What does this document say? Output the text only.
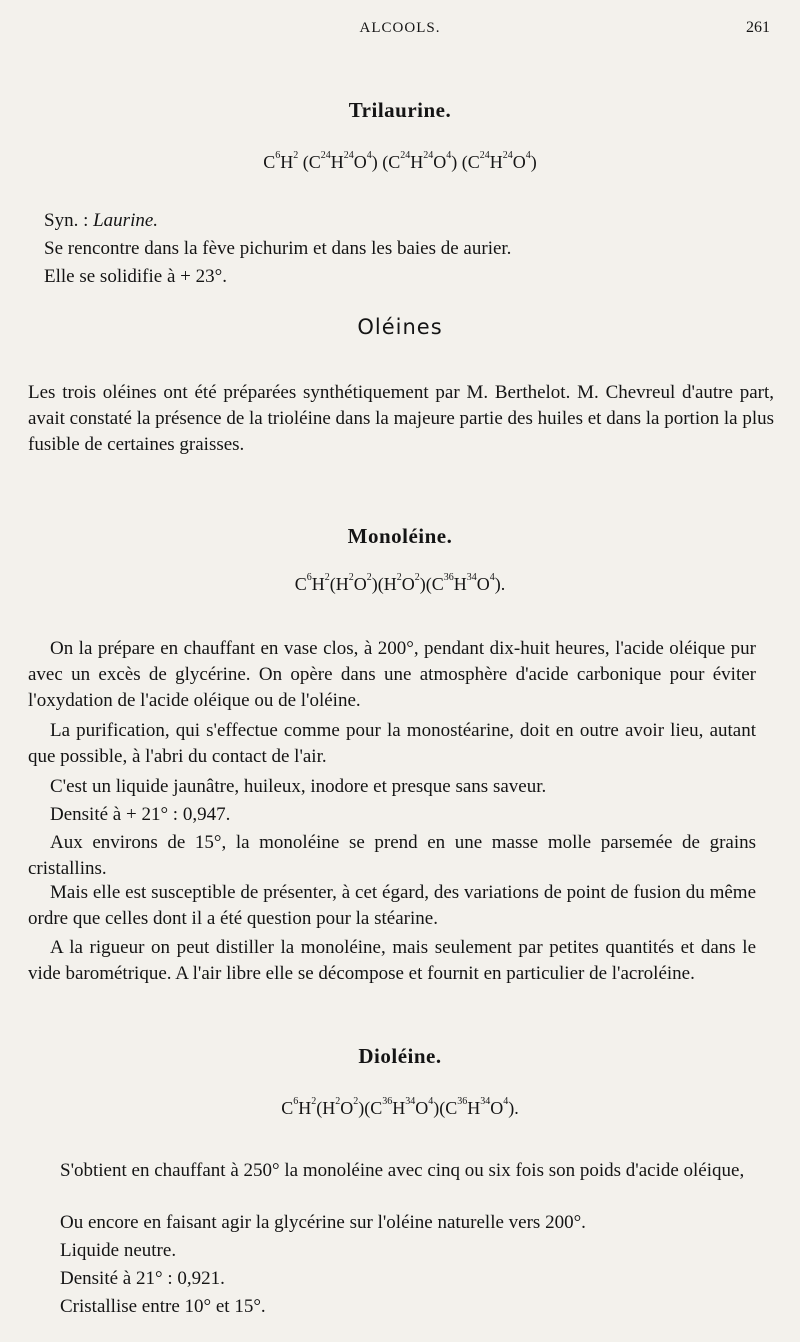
ALCOOLS.	261
Trilaurine.
$C^6H^2$ $(C^{24}H^{24}O^4)$ $(C^{24}H^{24}O^4)$ $(C^{24}H^{24}O^4)$
Syn. : Laurine.
Se rencontre dans la fève pichurim et dans les baies de aurier.
Elle se solidifie à + 23°.
Oléines
Les trois oléines ont été préparées synthétiquement par M. Berthelot. M. Chevreul d'autre part, avait constaté la présence de la trioléine dans la majeure partie des huiles et dans la portion la plus fusible de certaines graisses.
Monoléine.
$C^6H^2(H^2O^2)(H^2O^2)(C^{36}H^{34}O^4)$.
On la prépare en chauffant en vase clos, à 200°, pendant dix-huit heures, l'acide oléique pur avec un excès de glycérine. On opère dans une atmosphère d'acide carbonique pour éviter l'oxydation de l'acide oléique ou de l'oléine.
La purification, qui s'effectue comme pour la monostéarine, doit en outre avoir lieu, autant que possible, à l'abri du contact de l'air.
C'est un liquide jaunâtre, huileux, inodore et presque sans saveur.
Densité à + 21° : 0,947.
Aux environs de 15°, la monoléine se prend en une masse molle parsemée de grains cristallins.
Mais elle est susceptible de présenter, à cet égard, des variations de point de fusion du même ordre que celles dont il a été question pour la stéarine.
A la rigueur on peut distiller la monoléine, mais seulement par petites quantités et dans le vide barométrique. A l'air libre elle se décompose et fournit en particulier de l'acroléine.
Dioléine.
$C^6H^2(H^2O^2)(C^{36}H^{34}O^4)(C^{36}H^{34}O^4)$.
S'obtient en chauffant à 250° la monoléine avec cinq ou six fois son poids d'acide oléique,
Ou encore en faisant agir la glycérine sur l'oléine naturelle vers 200°.
Liquide neutre.
Densité à 21° : 0,921.
Cristallise entre 10° et 15°.
